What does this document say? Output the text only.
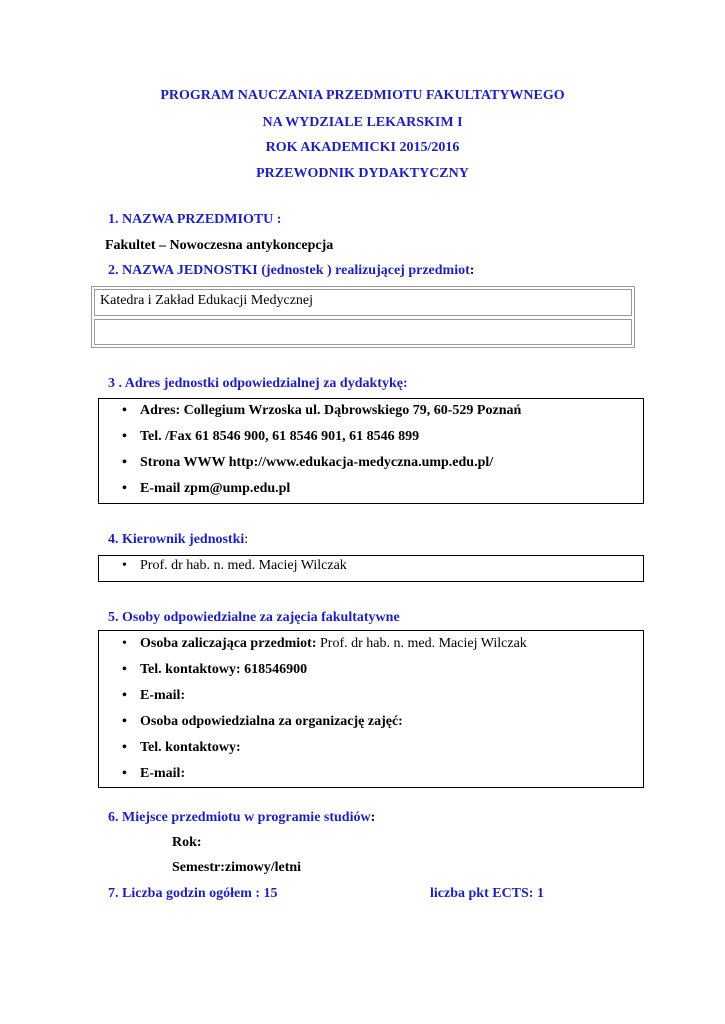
PROGRAM NAUCZANIA PRZEDMIOTU FAKULTATYWNEGO
NA WYDZIALE LEKARSKIM I
ROK AKADEMICKI 2015/2016
PRZEWODNIK DYDAKTYCZNY
1. NAZWA PRZEDMIOTU :
Fakultet – Nowoczesna antykoncepcja
2. NAZWA JEDNOSTKI (jednostek ) realizującej przedmiot:
Katedra i Zakład Edukacji Medycznej
3 . Adres jednostki odpowiedzialnej za dydaktykę:
• Adres: Collegium Wrzoska ul. Dąbrowskiego 79, 60-529 Poznań
• Tel. /Fax 61 8546 900, 61 8546 901, 61 8546 899
• Strona WWW http://www.edukacja-medyczna.ump.edu.pl/
• E-mail zpm@ump.edu.pl
4. Kierownik jednostki:
• Prof. dr hab. n. med. Maciej Wilczak
5. Osoby odpowiedzialne za zajęcia fakultatywne
• Osoba zaliczająca przedmiot: Prof. dr hab. n. med. Maciej Wilczak
• Tel. kontaktowy: 618546900
• E-mail:
• Osoba odpowiedzialna za organizację zajęć:
• Tel. kontaktowy:
• E-mail:
6. Miejsce przedmiotu w programie studiów:
Rok:
Semestr:zimowy/letni
7. Liczba godzin ogółem : 15	liczba pkt ECTS: 1
